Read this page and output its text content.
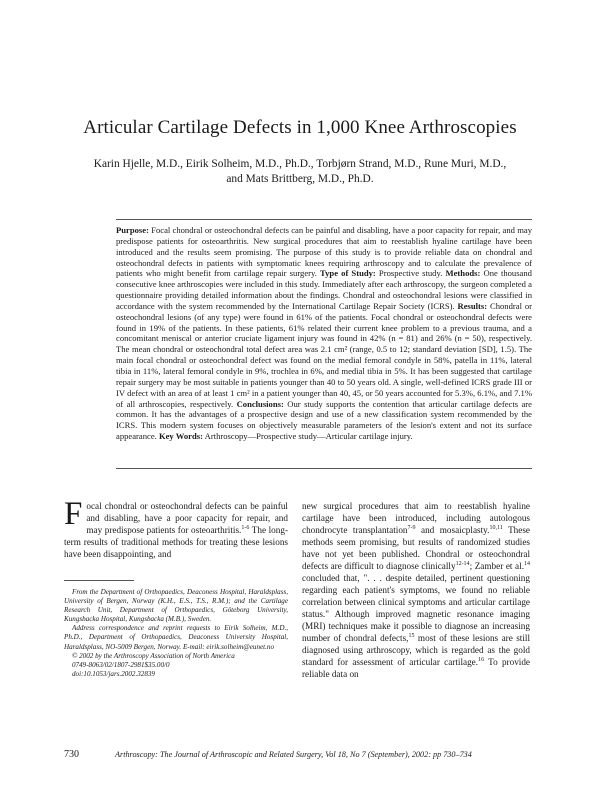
Articular Cartilage Defects in 1,000 Knee Arthroscopies
Karin Hjelle, M.D., Eirik Solheim, M.D., Ph.D., Torbjørn Strand, M.D., Rune Muri, M.D.,
and Mats Brittberg, M.D., Ph.D.
Purpose: Focal chondral or osteochondral defects can be painful and disabling, have a poor capacity for repair, and may predispose patients for osteoarthritis. New surgical procedures that aim to reestablish hyaline cartilage have been introduced and the results seem promising. The purpose of this study is to provide reliable data on chondral and osteochondral defects in patients with symptomatic knees requiring arthroscopy and to calculate the prevalence of patients who might benefit from cartilage repair surgery. Type of Study: Prospective study. Methods: One thousand consecutive knee arthroscopies were included in this study. Immediately after each arthroscopy, the surgeon completed a questionnaire providing detailed information about the findings. Chondral and osteochondral lesions were classified in accordance with the system recommended by the International Cartilage Repair Society (ICRS). Results: Chondral or osteochondral lesions (of any type) were found in 61% of the patients. Focal chondral or osteochondral defects were found in 19% of the patients. In these patients, 61% related their current knee problem to a previous trauma, and a concomitant meniscal or anterior cruciate ligament injury was found in 42% (n = 81) and 26% (n = 50), respectively. The mean chondral or osteochondral total defect area was 2.1 cm² (range, 0.5 to 12; standard deviation [SD], 1.5). The main focal chondral or osteochondral defect was found on the medial femoral condyle in 58%, patella in 11%, lateral tibia in 11%, lateral femoral condyle in 9%, trochlea in 6%, and medial tibia in 5%. It has been suggested that cartilage repair surgery may be most suitable in patients younger than 40 to 50 years old. A single, well-defined ICRS grade III or IV defect with an area of at least 1 cm² in a patient younger than 40, 45, or 50 years accounted for 5.3%, 6.1%, and 7.1% of all arthroscopies, respectively. Conclusions: Our study supports the contention that articular cartilage defects are common. It has the advantages of a prospective design and use of a new classification system recommended by the ICRS. This modern system focuses on objectively measurable parameters of the lesion's extent and not its surface appearance. Key Words: Arthroscopy—Prospective study—Articular cartilage injury.
Focal chondral or osteochondral defects can be painful and disabling, have a poor capacity for repair, and may predispose patients for osteoarthritis.$^{1-6}$ The long-term results of traditional methods for treating these lesions have been disappointing, and
new surgical procedures that aim to reestablish hyaline cartilage have been introduced, including autologous chondrocyte transplantation$^{7-9}$ and mosaicplasty.$^{10,11}$ These methods seem promising, but results of randomized studies have not yet been published. Chondral or osteochondral defects are difficult to diagnose clinically$^{12-14}$; Zamber et al.$^{14}$ concluded that, ". . . despite detailed, pertinent questioning regarding each patient's symptoms, we found no reliable correlation between clinical symptoms and articular cartilage status." Although improved magnetic resonance imaging (MRI) techniques make it possible to diagnose an increasing number of chondral defects,$^{15}$ most of these lesions are still diagnosed using arthroscopy, which is regarded as the gold standard for assessment of articular cartilage.$^{16}$ To provide reliable data on

From the Department of Orthopaedics, Deaconess Hospital, Haraldsplass, University of Bergen, Norway (K.H., E.S., T.S., R.M.); and the Cartilage Research Unit, Department of Orthopaedics, Göteborg University, Kungsbacka Hospital, Kungsbacka (M.B.), Sweden.

Address correspondence and reprint requests to Eirik Solheim, M.D., Ph.D., Department of Orthopaedics, Deaconess University Hospital, Haraldsplass, NO-5009 Bergen, Norway. E-mail: eirik.solheim@eunet.no

© 2002 by the Arthroscopy Association of North America

0749-8063/02/1807-2981$35.00/0

doi:10.1053/jars.2002.32839

730	Arthroscopy: The Journal of Arthroscopic and Related Surgery, Vol 18, No 7 (September), 2002: pp 730–734
